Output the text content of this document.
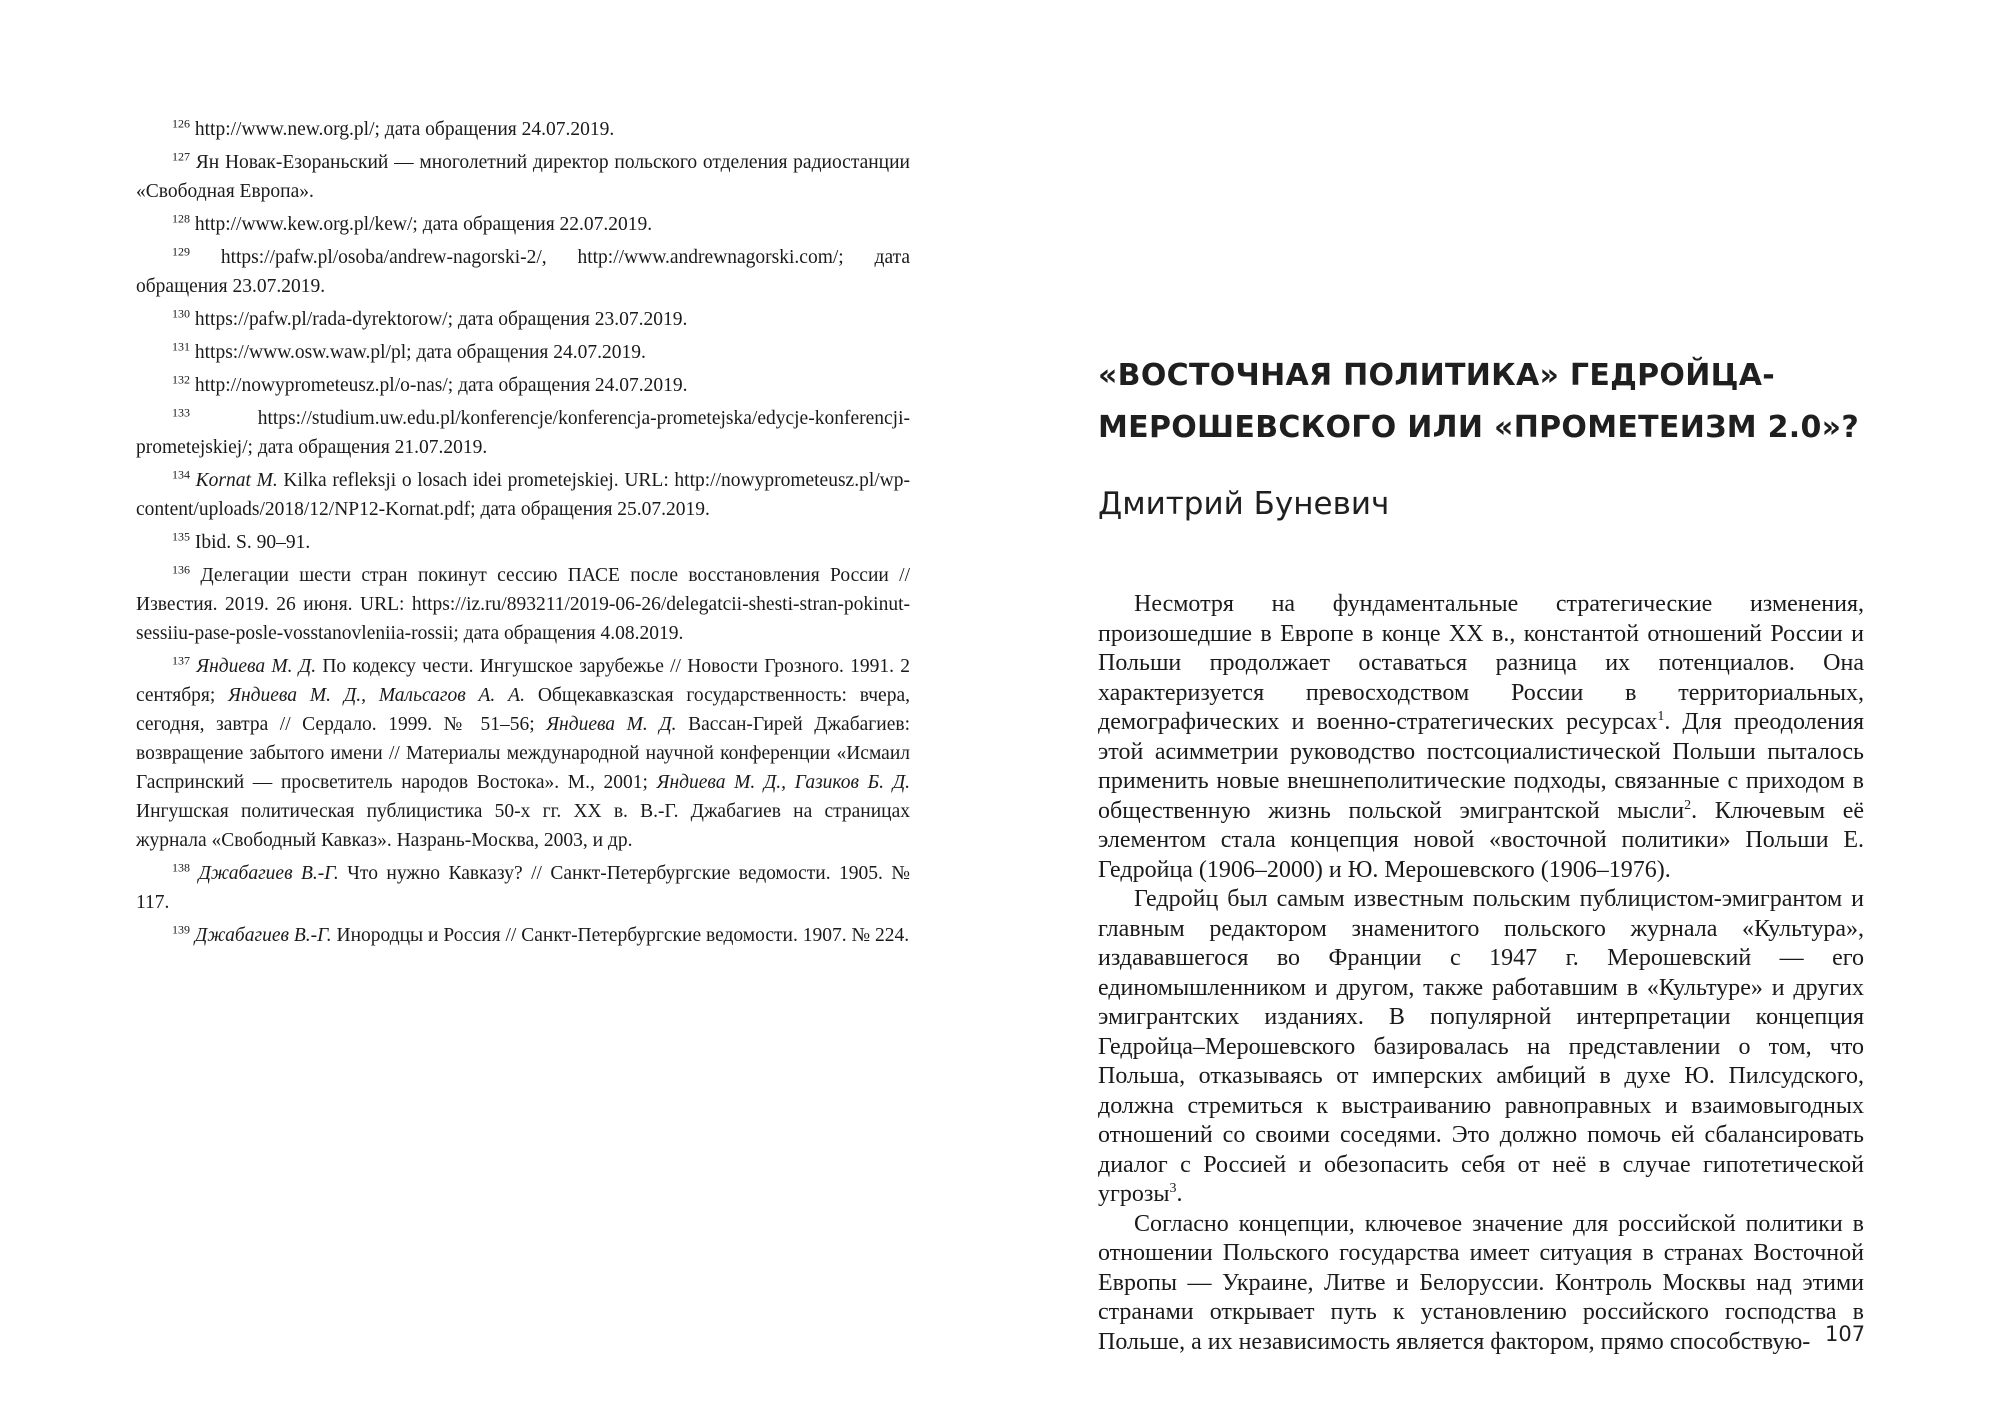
$^{126}$ http://www.new.org.pl/; дата обращения 24.07.2019.
$^{127}$ Ян Новак-Езораньский — многолетний директор польского отделения радиостанции «Свободная Европа».
$^{128}$ http://www.kew.org.pl/kew/; дата обращения 22.07.2019.
$^{129}$ https://pafw.pl/osoba/andrew-nagorski-2/, http://www.andrewnagorski.com/; дата обращения 23.07.2019.
$^{130}$ https://pafw.pl/rada-dyrektorow/; дата обращения 23.07.2019.
$^{131}$ https://www.osw.waw.pl/pl; дата обращения 24.07.2019.
$^{132}$ http://nowyprometeusz.pl/o-nas/; дата обращения 24.07.2019.
$^{133}$	https://studium.uw.edu.pl/konferencje/konferencja-prometejska/edycje-konferencji-prometejskiej/; дата обращения 21.07.2019.
$^{134}$ Kornat M. Kilka refleksji o losach idei prometejskiej. URL: http://nowyprometeusz.pl/wp-content/uploads/2018/12/NP12-Kornat.pdf; дата обращения 25.07.2019.
$^{135}$ Ibid. S. 90–91.
$^{136}$ Делегации шести стран покинут сессию ПАСЕ после восстановления России // Известия. 2019. 26 июня. URL: https://iz.ru/893211/2019-06-26/delegatcii-shesti-stran-pokinut-sessiiu-pase-posle-vosstanovleniia-rossii; дата обращения 4.08.2019.
$^{137}$ Яндиева М. Д. По кодексу чести. Ингушское зарубежье // Новости Грозного. 1991. 2 сентября; Яндиева М. Д., Мальсагов А. А. Общекавказская государственность: вчера, сегодня, завтра // Сердало. 1999. № 51–56; Яндиева М. Д. Вассан-Гирей Джабагиев: возвращение забытого имени // Материалы международной научной конференции «Исмаил Гаспринский — просветитель народов Востока». М., 2001; Яндиева М. Д., Газиков Б. Д. Ингушская политическая публицистика 50-х гг. XX в. В.-Г. Джабагиев на страницах журнала «Свободный Кавказ». Назрань-Москва, 2003, и др.
$^{138}$ Джабагиев В.-Г. Что нужно Кавказу? // Санкт-Петербургские ведомости. 1905. № 117.
$^{139}$ Джабагиев В.-Г. Инородцы и Россия // Санкт-Петербургские ведомости. 1907. № 224.
«ВОСТОЧНАЯ ПОЛИТИКА» ГЕДРОЙЦА-МЕРОШЕВСКОГО ИЛИ «ПРОМЕТЕИЗМ 2.0»?
Дмитрий Буневич

Несмотря на фундаментальные стратегические изменения, произошедшие в Европе в конце XX в., константой отношений России и Польши продолжает оставаться разница их потенциалов. Она характеризуется превосходством России в территориальных, демографических и военно-стратегических ресурсах$^1$. Для преодоления этой асимметрии руководство постсоциалистической Польши пыталось применить новые внешнеполитические подходы, связанные с приходом в общественную жизнь польской эмигрантской мысли$^2$. Ключевым её элементом стала концепция новой «восточной политики» Польши Е. Гедройца (1906–2000) и Ю. Мерошевского (1906–1976).

Гедройц был самым известным польским публицистом-эмигрантом и главным редактором знаменитого польского журнала «Культура», издававшегося во Франции с 1947 г. Мерошевский — его единомышленником и другом, также работавшим в «Культуре» и других эмигрантских изданиях. В популярной интерпретации концепция Гедройца–Мерошевского базировалась на представлении о том, что Польша, отказываясь от имперских амбиций в духе Ю. Пилсудского, должна стремиться к выстраиванию равноправных и взаимовыгодных отношений со своими соседями. Это должно помочь ей сбалансировать диалог с Россией и обезопасить себя от неё в случае гипотетической угрозы$^3$.

Согласно концепции, ключевое значение для российской политики в отношении Польского государства имеет ситуация в странах Восточной Европы — Украине, Литве и Белоруссии. Контроль Москвы над этими странами открывает путь к установлению российского господства в Польше, а их независимость является фактором, прямо способствую- 107
